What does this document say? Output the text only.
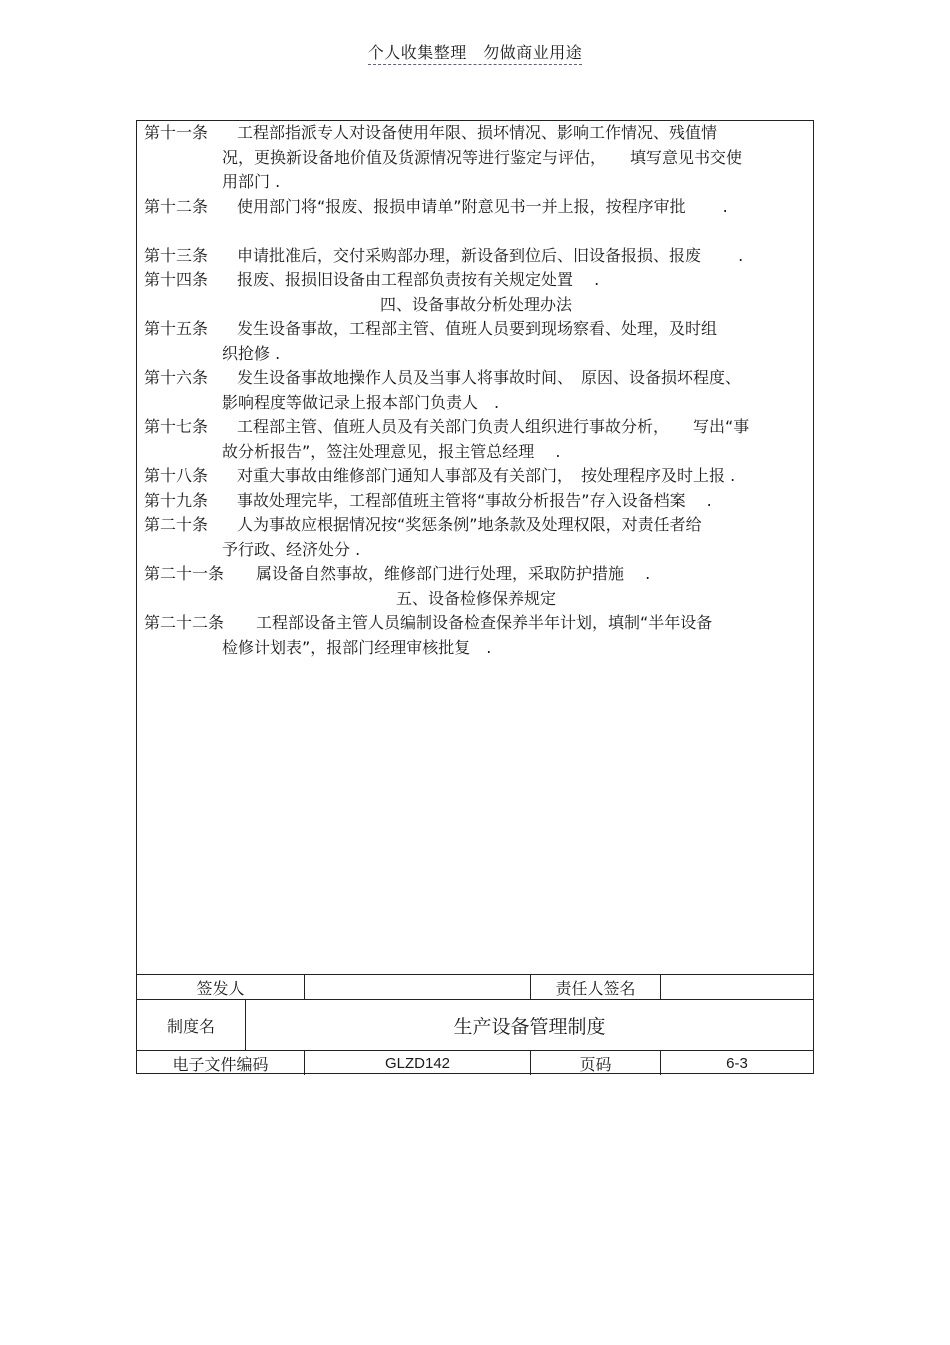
个人收集整理　勿做商业用途
第十一条 工程部指派专人对设备使用年限、损坏情况、影响工作情况、残值情
况，更换新设备地价值及货源情况等进行鉴定与评估，　　填写意见书交使
用部门 .
第十二条 使用部门将“报废、报损申请单”附意见书一并上报，按程序审批　　 .
第十三条 申请批准后，交付采购部办理，新设备到位后、旧设备报损、报废　　 .
第十四条 报废、报损旧设备由工程部负责按有关规定处置　 .
四、设备事故分析处理办法
第十五条 发生设备事故，工程部主管、值班人员要到现场察看、处理，及时组
织抢修 .
第十六条 发生设备事故地操作人员及当事人将事故时间、　原因、设备损坏程度、
影响程度等做记录上报本部门负责人　.
第十七条 工程部主管、值班人员及有关部门负责人组织进行事故分析，　　写出“事
故分析报告”，签注处理意见，报主管总经理　 .
第十八条 对重大事故由维修部门通知人事部及有关部门，　按处理程序及时上报 .
第十九条 事故处理完毕，工程部值班主管将“事故分析报告”存入设备档案　 .
第二十条 人为事故应根据情况按“奖惩条例”地条款及处理权限，对责任者给
予行政、经济处分 .
第二十一条 属设备自然事故，维修部门进行处理，采取防护措施　 .
五、设备检修保养规定
第二十二条 工程部设备主管人员编制设备检查保养半年计划，填制“半年设备
检修计划表”，报部门经理审核批复　.
签发人	责任人签名
制度名	生产设备管理制度
电子文件编码	GLZD142	页码	6-3
